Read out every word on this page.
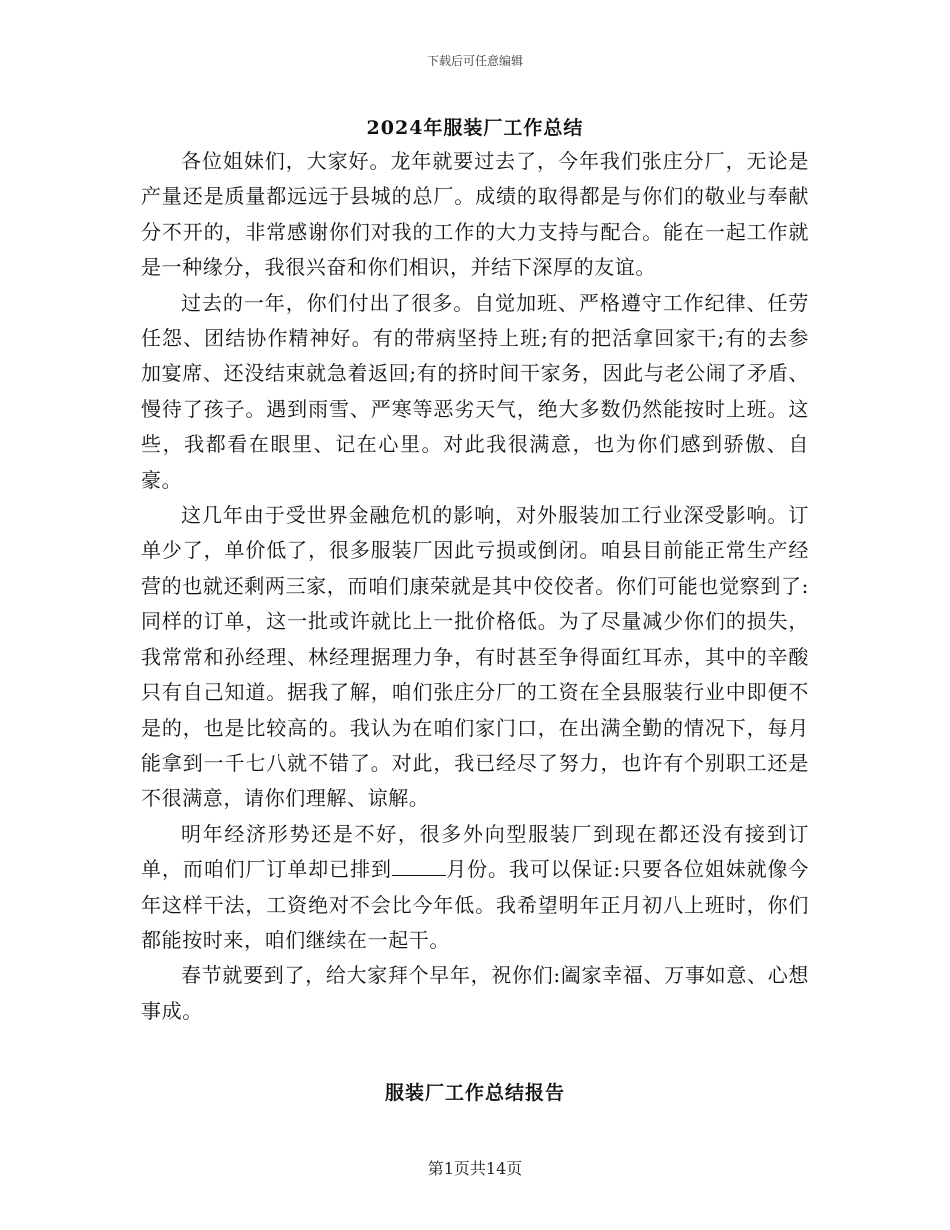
下载后可任意编辑
2024年服装厂工作总结

各位姐妹们，大家好。龙年就要过去了，今年我们张庄分厂，无论是产量还是质量都远远于县城的总厂。成绩的取得都是与你们的敬业与奉献分不开的，非常感谢你们对我的工作的大力支持与配合。能在一起工作就是一种缘分，我很兴奋和你们相识，并结下深厚的友谊。

过去的一年，你们付出了很多。自觉加班、严格遵守工作纪律、任劳任怨、团结协作精神好。有的带病坚持上班;有的把活拿回家干;有的去参加宴席、还没结束就急着返回;有的挤时间干家务，因此与老公闹了矛盾、慢待了孩子。遇到雨雪、严寒等恶劣天气，绝大多数仍然能按时上班。这些，我都看在眼里、记在心里。对此我很满意，也为你们感到骄傲、自豪。

这几年由于受世界金融危机的影响，对外服装加工行业深受影响。订单少了，单价低了，很多服装厂因此亏损或倒闭。咱县目前能正常生产经营的也就还剩两三家，而咱们康荣就是其中佼佼者。你们可能也觉察到了:同样的订单，这一批或许就比上一批价格低。为了尽量减少你们的损失，我常常和孙经理、林经理据理力争，有时甚至争得面红耳赤，其中的辛酸只有自己知道。据我了解，咱们张庄分厂的工资在全县服装行业中即便不是的，也是比较高的。我认为在咱们家门口，在出满全勤的情况下，每月能拿到一千七八就不错了。对此，我已经尽了努力，也许有个别职工还是不很满意，请你们理解、谅解。

明年经济形势还是不好，很多外向型服装厂到现在都还没有接到订单，而咱们厂订单却已排到	月份。我可以保证:只要各位姐妹就像今年这样干法，工资绝对不会比今年低。我希望明年正月初八上班时，你们都能按时来，咱们继续在一起干。

春节就要到了，给大家拜个早年，祝你们:阖家幸福、万事如意、心想事成。

服装厂工作总结报告
第1页共14页
